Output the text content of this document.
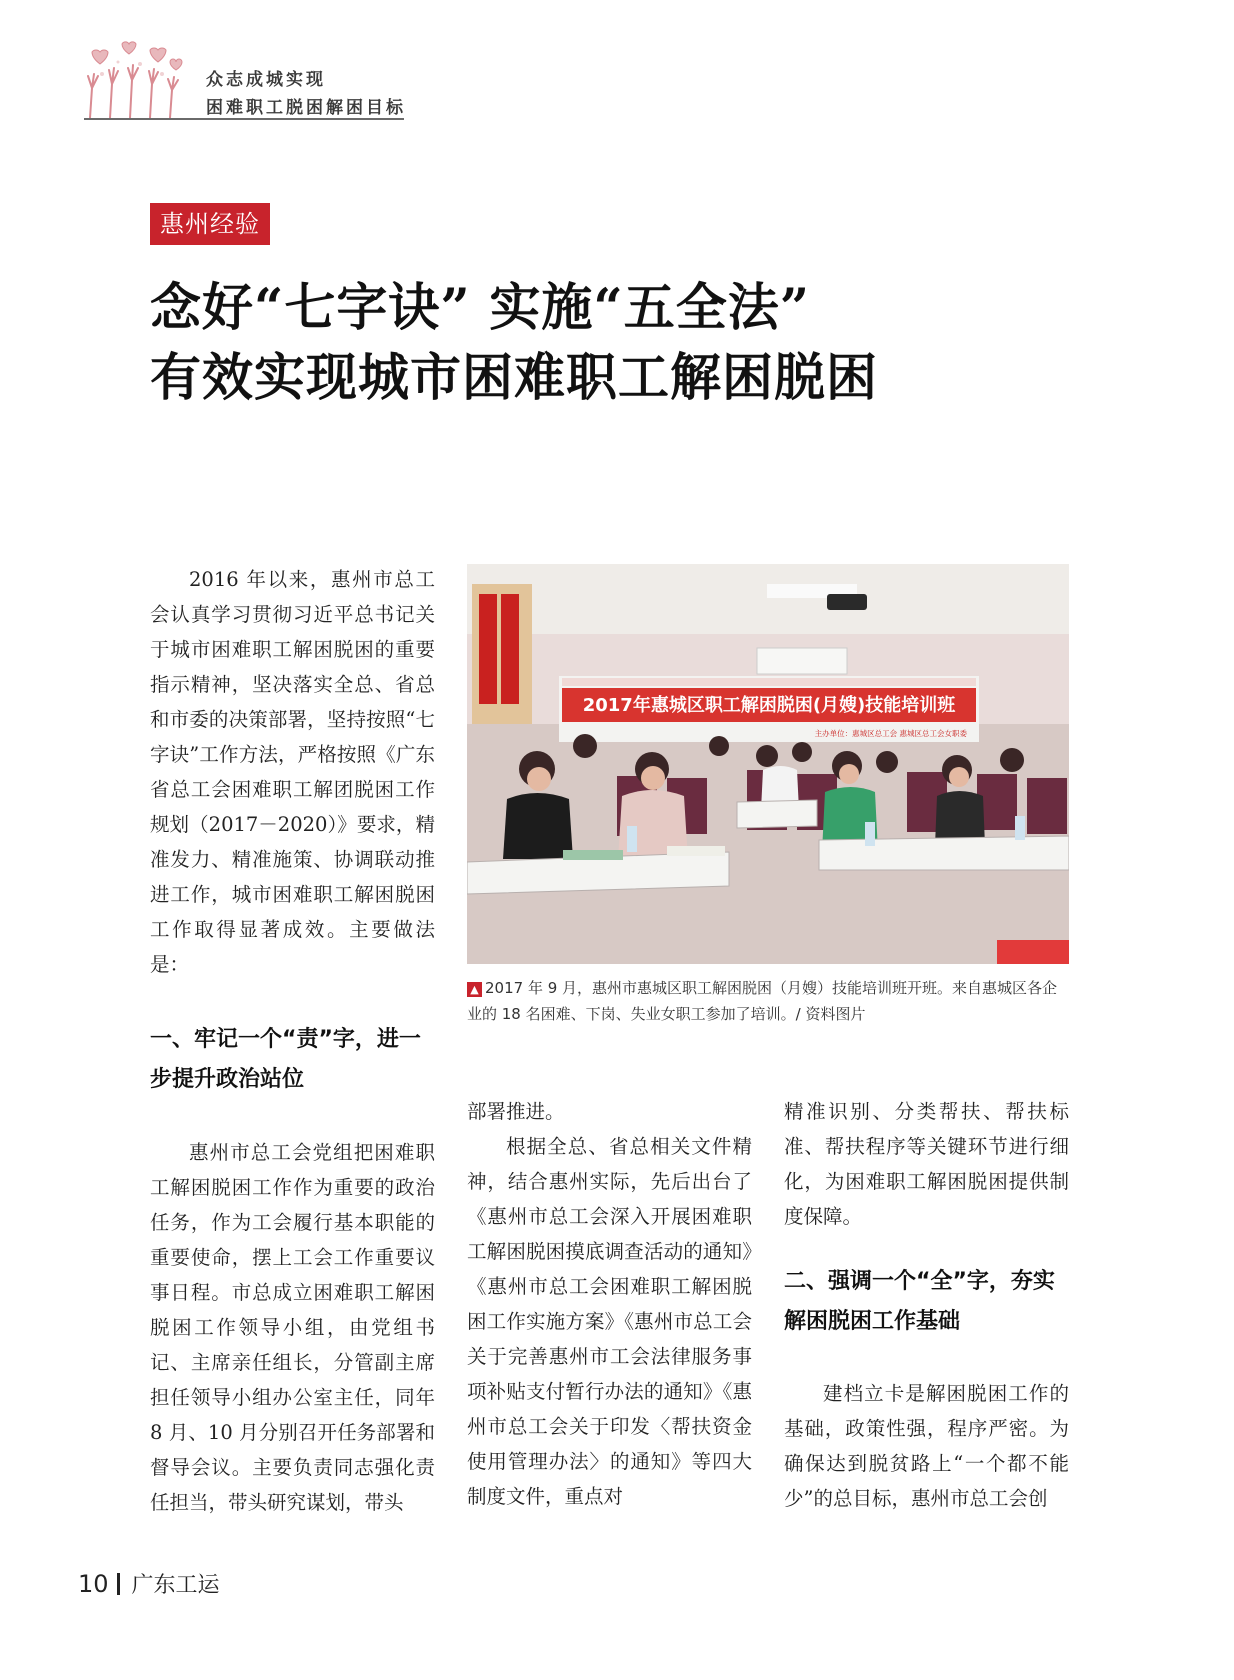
众志成城实现
困难职工脱困解困目标
惠州经验
念好“七字诀” 实施“五全法”
有效实现城市困难职工解困脱困

2016 年以来，惠州市总工会认真学习贯彻习近平总书记关于城市困难职工解困脱困的重要指示精神，坚决落实全总、省总和市委的决策部署，坚持按照“七字诀”工作方法，严格按照《广东省总工会困难职工解团脱困工作规划（2017－2020）》要求，精准发力、精准施策、协调联动推进工作，城市困难职工解困脱困工作取得显著成效。主要做法是：

一、牢记一个“责”字，进一步提升政治站位

惠州市总工会党组把困难职工解困脱困工作作为重要的政治任务，作为工会履行基本职能的重要使命，摆上工会工作重要议事日程。市总成立困难职工解困脱困工作领导小组，由党组书记、主席亲任组长，分管副主席担任领导小组办公室主任，同年 8 月、10 月分别召开任务部署和督导会议。主要负责同志强化责任担当，带头研究谋划，带头

2017年惠城区职工解困脱困(月嫂)技能培训班
主办单位：惠城区总工会 惠城区总工会女职委
▲ 2017 年 9 月，惠州市惠城区职工解困脱困（月嫂）技能培训班开班。来自惠城区各企业的 18 名困难、下岗、失业女职工参加了培训。/ 资料图片

部署推进。

根据全总、省总相关文件精神，结合惠州实际，先后出台了《惠州市总工会深入开展困难职工解困脱困摸底调查活动的通知》《惠州市总工会困难职工解困脱困工作实施方案》《惠州市总工会关于完善惠州市工会法律服务事项补贴支付暂行办法的通知》《惠州市总工会关于印发〈帮扶资金使用管理办法〉的通知》等四大制度文件，重点对

精准识别、分类帮扶、帮扶标准、帮扶程序等关键环节进行细化，为困难职工解困脱困提供制度保障。

二、强调一个“全”字，夯实解困脱困工作基础

建档立卡是解困脱困工作的基础，政策性强，程序严密。为确保达到脱贫路上“一个都不能少”的总目标，惠州市总工会创

10 广东工运
